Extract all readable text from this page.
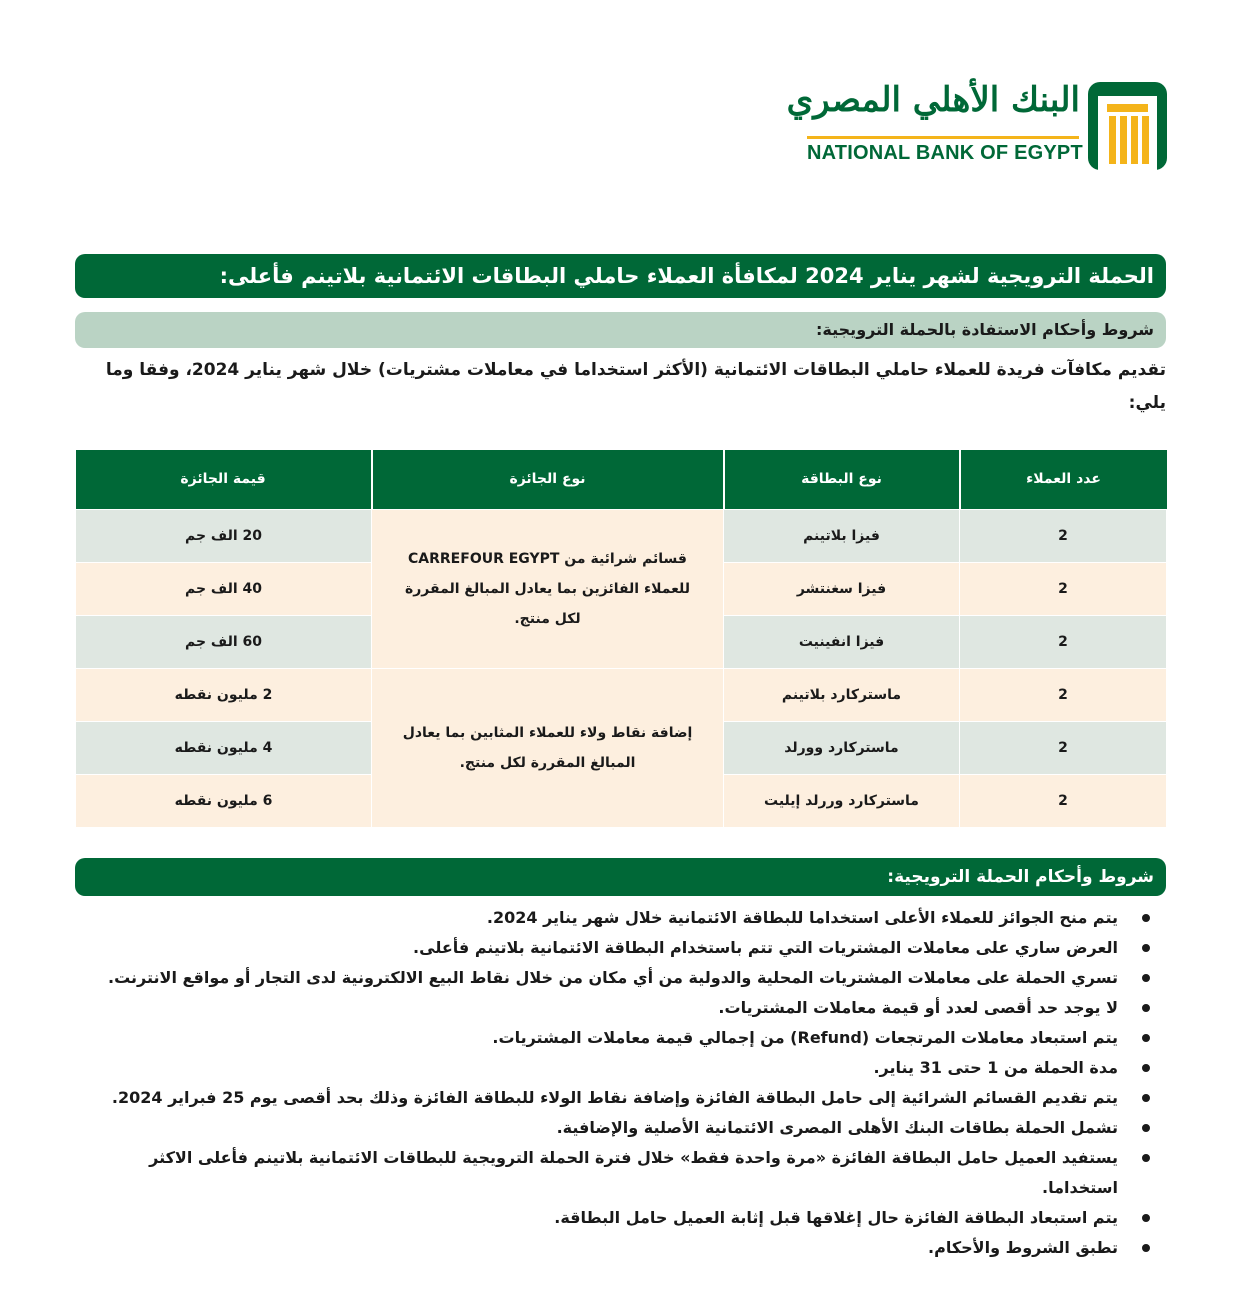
البنك الأهلي المصري
NATIONAL BANK OF EGYPT
الحملة الترويجية لشهر يناير 2024 لمكافأة العملاء حاملي البطاقات الائتمانية بلاتينم فأعلى:
شروط وأحكام الاستفادة بالحملة الترويجية:
تقديم مكافآت فريدة للعملاء حاملي البطاقات الائتمانية (الأكثر استخداما في معاملات مشتريات) خلال شهر يناير 2024، وفقا وما يلي:
عدد العملاء	نوع البطاقة	نوع الجائزة	قيمة الجائزة
2	فيزا بلاتينم	قسائم شرائية من CARREFOUR EGYPT للعملاء الفائزين بما يعادل المبالغ المقررة لكل منتج.	20 الف جم
2	فيزا سغنتشر		40 الف جم
2	فيزا انفينيت		60 الف جم
2	ماستركارد بلاتينم	إضافة نقاط ولاء للعملاء المثابين بما يعادل المبالغ المقررة لكل منتج.	2 مليون نقطه
2	ماستركارد وورلد		4 مليون نقطه
2	ماستركارد وررلد إيليت		6 مليون نقطه
شروط وأحكام الحملة الترويجية:
يتم منح الجوائز للعملاء الأعلى استخداما للبطاقة الائتمانية خلال شهر يناير 2024.
العرض ساري على معاملات المشتريات التي تتم باستخدام البطاقة الائتمانية بلاتينم فأعلى.
تسري الحملة على معاملات المشتريات المحلية والدولية من أي مكان من خلال نقاط البيع الالكترونية لدى التجار أو مواقع الانترنت.
لا يوجد حد أقصى لعدد أو قيمة معاملات المشتريات.
يتم استبعاد معاملات المرتجعات (Refund) من إجمالي قيمة معاملات المشتريات.
مدة الحملة من 1 حتى 31 يناير.
يتم تقديم القسائم الشرائية إلى حامل البطاقة الفائزة وإضافة نقاط الولاء للبطاقة الفائزة وذلك بحد أقصى يوم 25 فبراير 2024.
تشمل الحملة بطاقات البنك الأهلى المصرى الائتمانية الأصلية والإضافية.
يستفيد العميل حامل البطاقة الفائزة «مرة واحدة فقط» خلال فترة الحملة الترويجية للبطاقات الائتمانية بلاتينم فأعلى الاكثر استخداما.
يتم استبعاد البطاقة الفائزة حال إغلاقها قبل إثابة العميل حامل البطاقة.
تطبق الشروط والأحكام.
